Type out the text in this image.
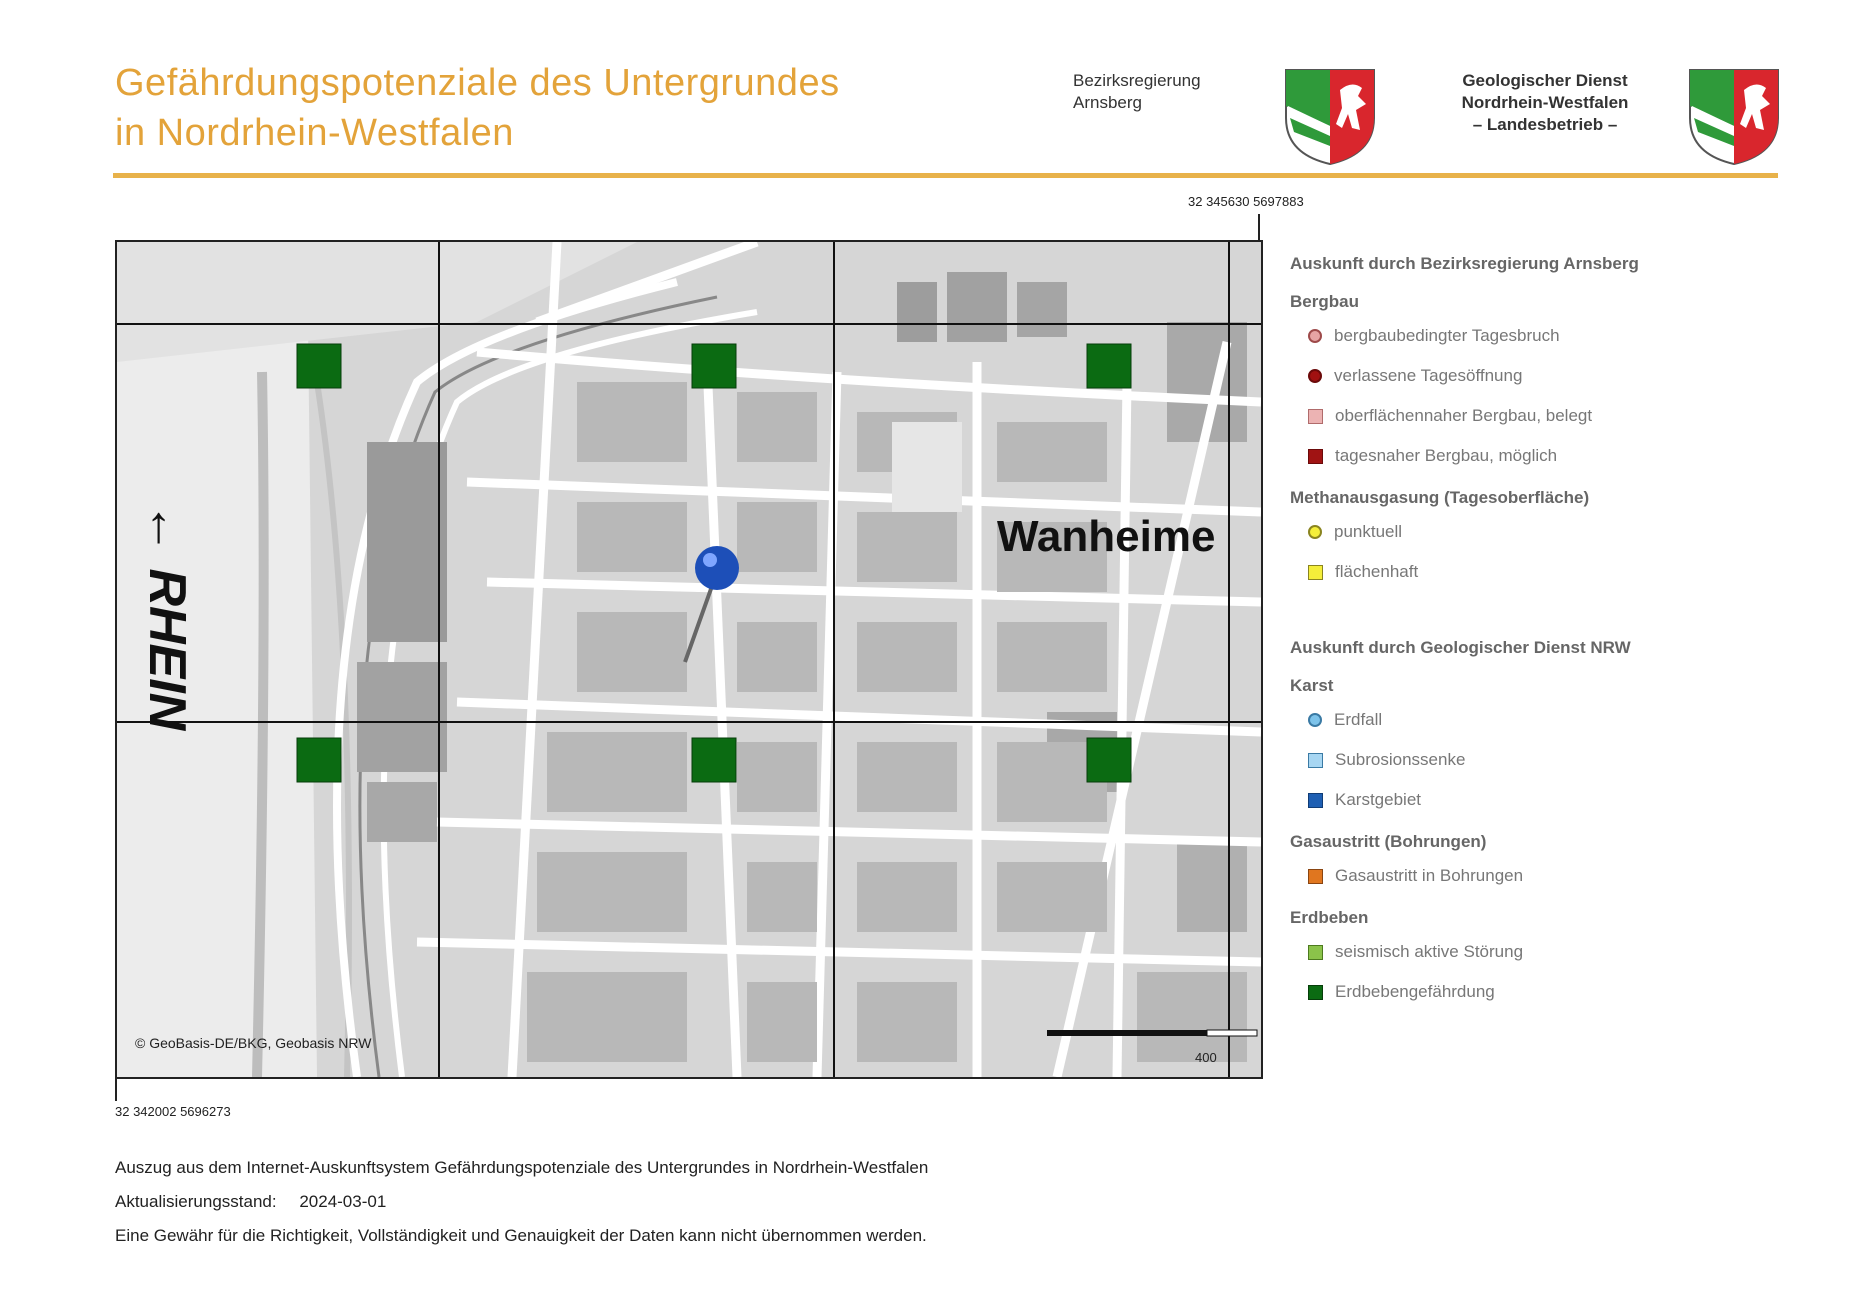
Gefährdungspotenziale des Untergrundes
in Nordrhein-Westfalen
Bezirksregierung
Arnsberg
Geologischer Dienst
Nordrhein-Westfalen
– Landesbetrieb –
32 345630 5697883
← RHEIN	Wanheime
© GeoBasis-DE/BKG, Geobasis NRW
400
32 342002 5696273
Auskunft durch Bezirksregierung Arnsberg
Bergbau
bergbaubedingter Tagesbruch
verlassene Tagesöffnung
oberflächennaher Bergbau, belegt
tagesnaher Bergbau, möglich
Methanausgasung (Tagesoberfläche)
punktuell
flächenhaft
Auskunft durch Geologischer Dienst NRW
Karst
Erdfall
Subrosionssenke
Karstgebiet
Gasaustritt (Bohrungen)
Gasaustritt in Bohrungen
Erdbeben
seismisch aktive Störung
Erdbebengefährdung
Auszug aus dem Internet-Auskunftsystem Gefährdungspotenziale des Untergrundes in Nordrhein-Westfalen
Aktualisierungsstand: 2024-03-01
Eine Gewähr für die Richtigkeit, Vollständigkeit und Genauigkeit der Daten kann nicht übernommen werden.
